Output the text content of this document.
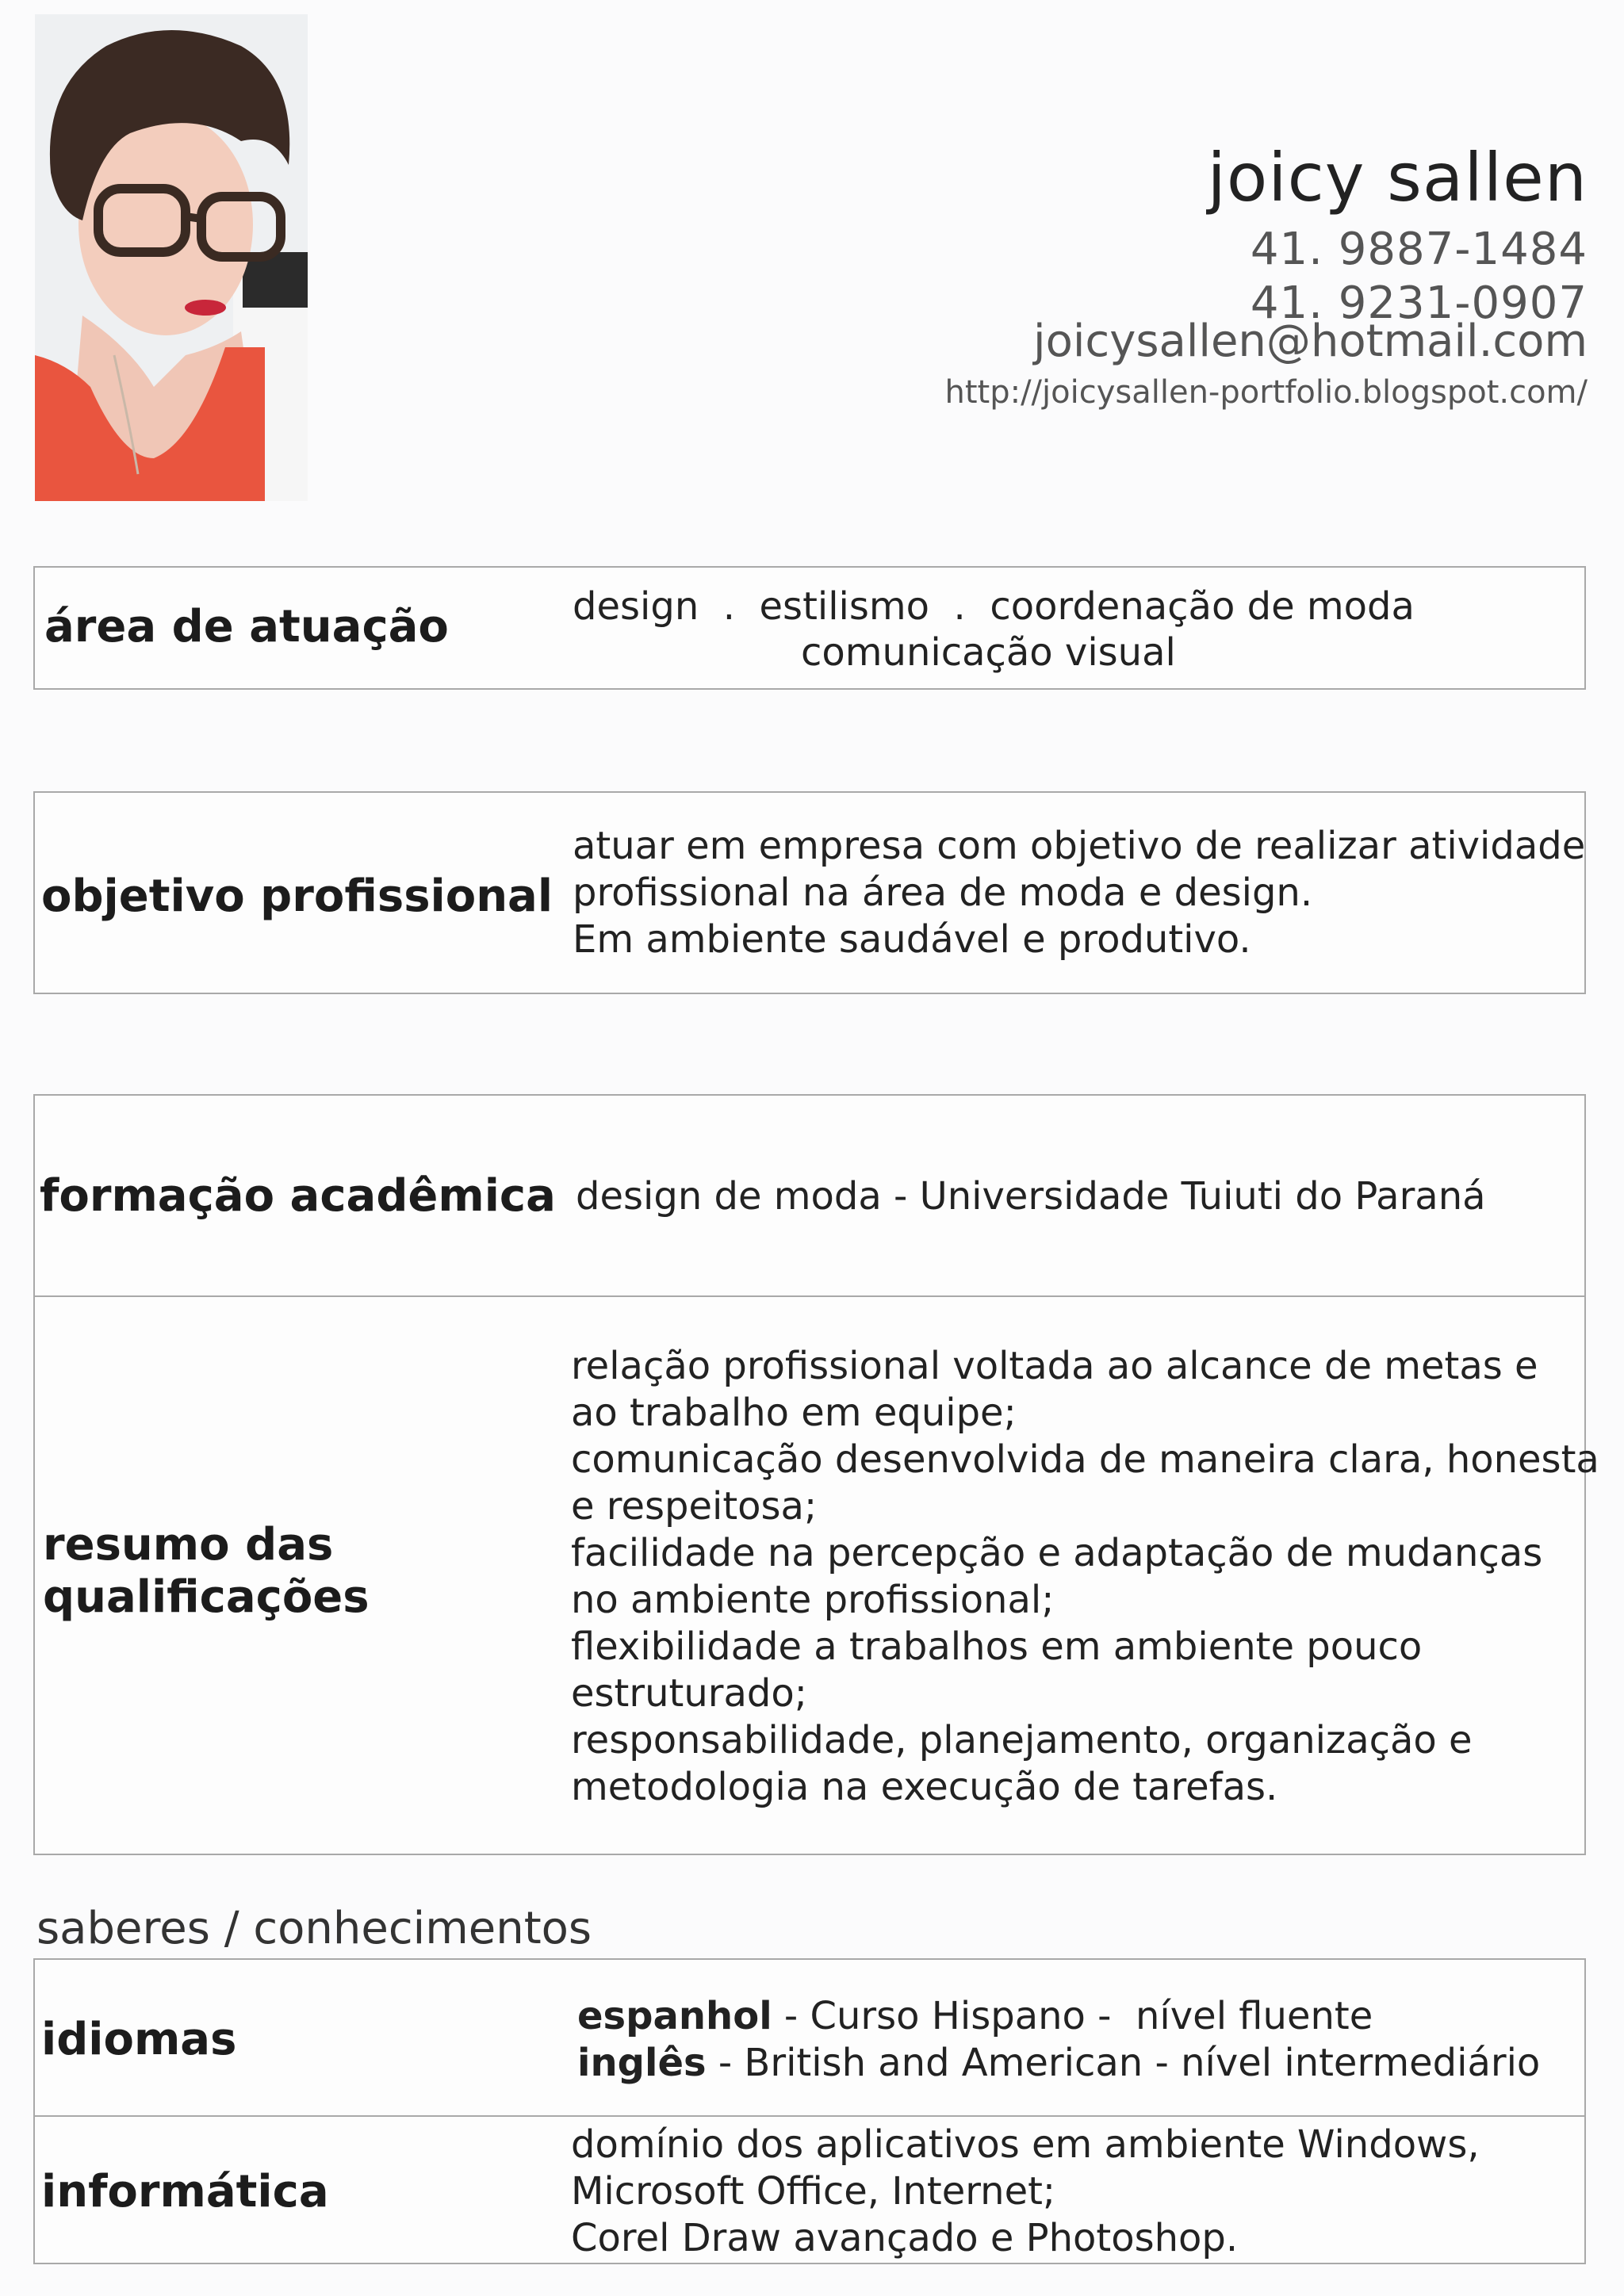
joicy sallen
41. 9887-1484
41. 9231-0907
joicysallen@hotmail.com
http://joicysallen-portfolio.blogspot.com/
área de atuação	design  .  estilismo  .  coordenação de moda
comunicação visual
objetivo profissional
atuar em empresa com objetivo de realizar atividade
profissional na área de moda e design.
Em ambiente saudável e produtivo.
formação acadêmica design de moda - Universidade Tuiuti do Paraná
resumo das
qualificações
relação profissional voltada ao alcance de metas e
ao trabalho em equipe;
comunicação desenvolvida de maneira clara, honesta
e respeitosa;
facilidade na percepção e adaptação de mudanças
no ambiente profissional;
flexibilidade a trabalhos em ambiente pouco
estruturado;
responsabilidade, planejamento, organização e
metodologia na execução de tarefas.
saberes / conhecimentos
idiomas	espanhol - Curso Hispano -  nível fluente
inglês - British and American - nível intermediário
informática
domínio dos aplicativos em ambiente Windows,
Microsoft Office, Internet;
Corel Draw avançado e Photoshop.
